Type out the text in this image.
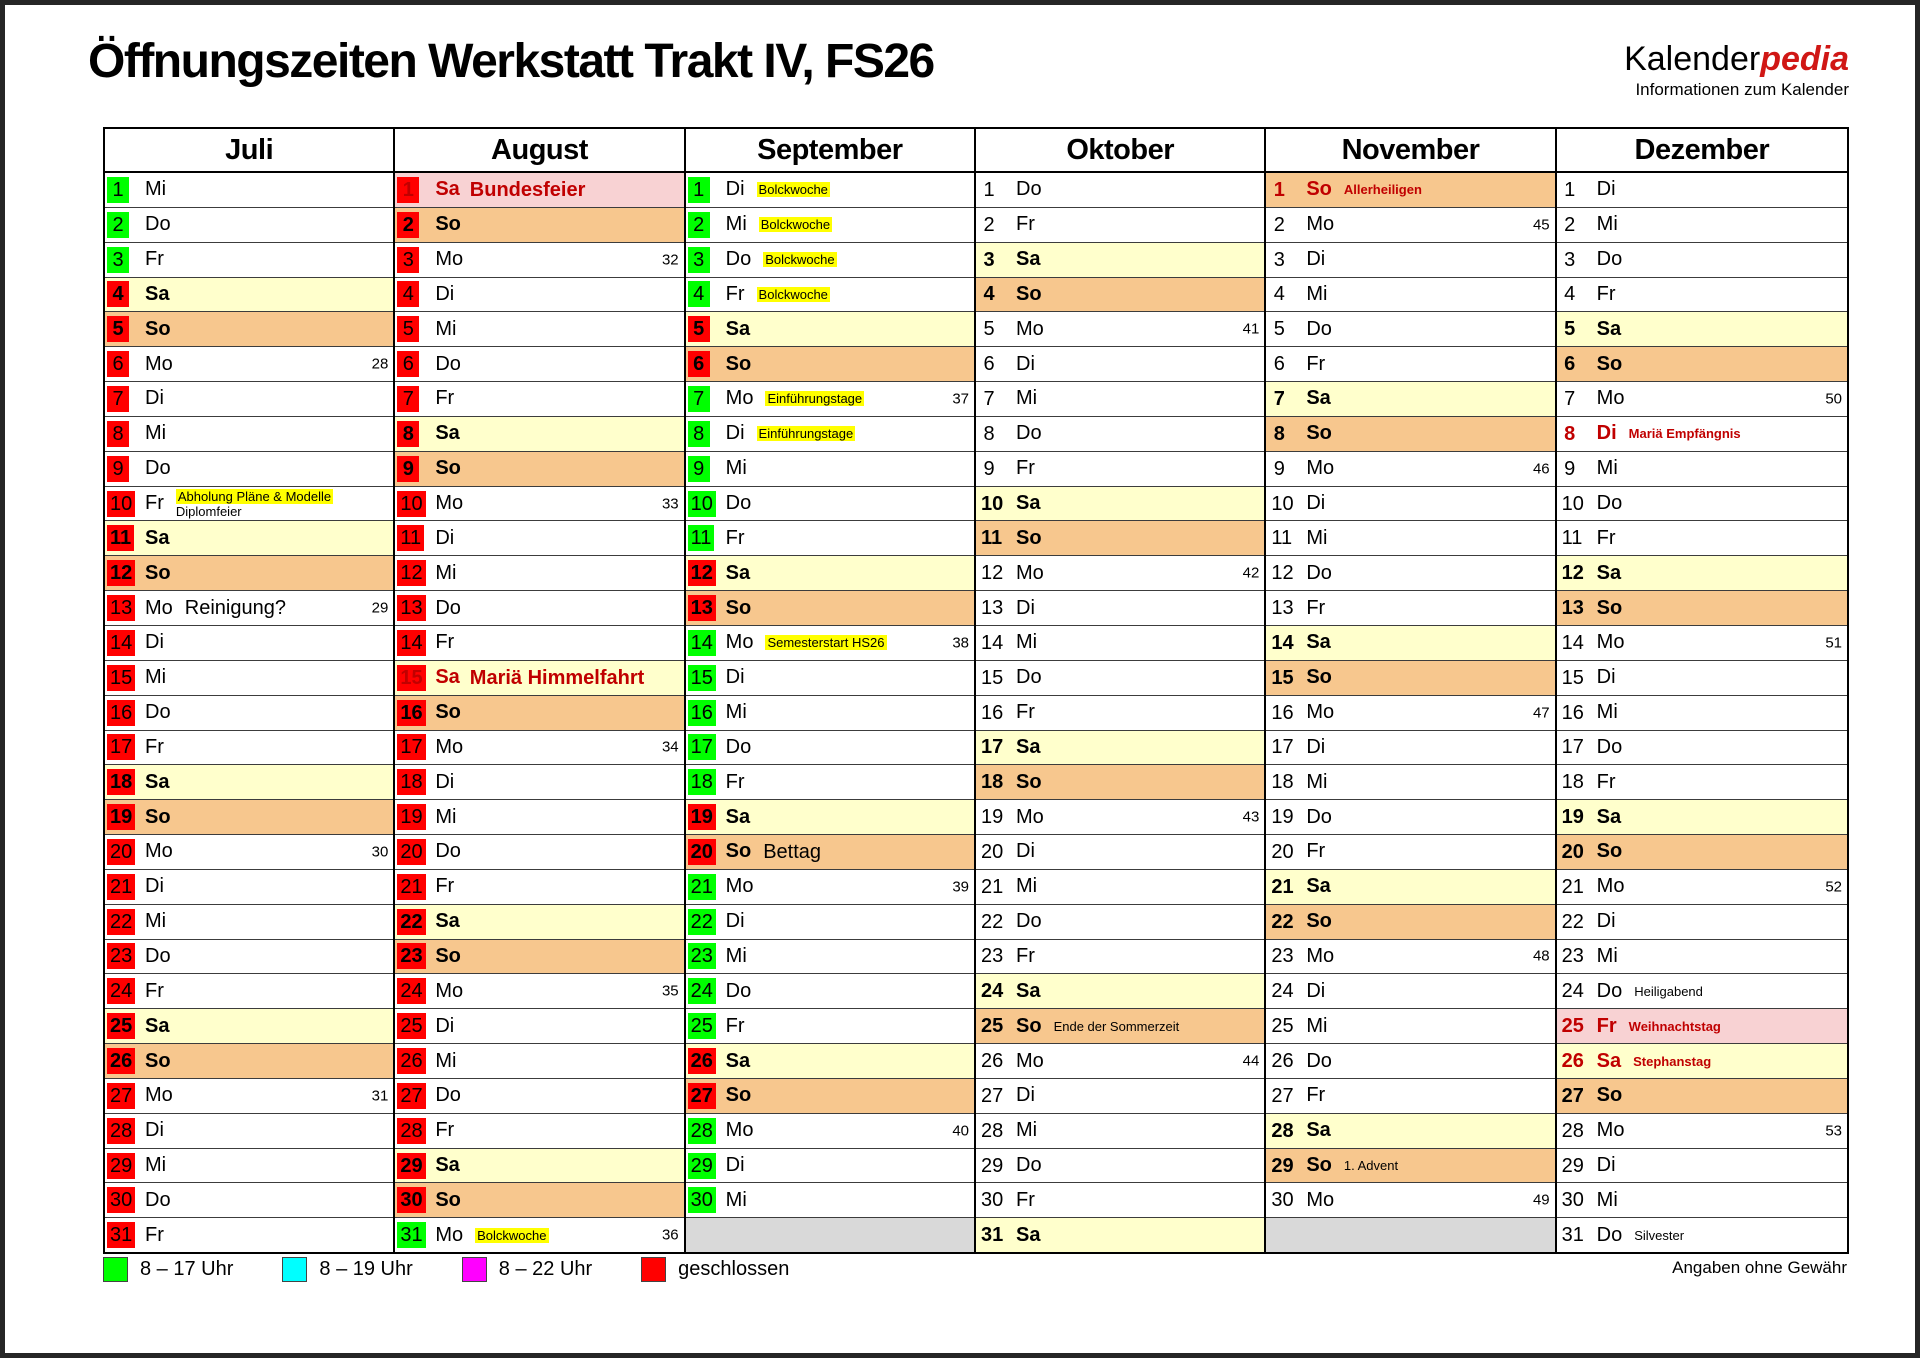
Öffnungszeiten Werkstatt Trakt IV, FS26	Kalenderpedia
Informationen zum Kalender
Juli
1 Mi
2 Do
3 Fr
4 Sa
5 So
6 Mo	28
7 Di
8 Mi
9 Do
10 Fr Abholung Pläne & Modelle
Diplomfeier
11 Sa
12 So
13 Mo Reinigung?	29
14 Di
15 Mi
16 Do
17 Fr
18 Sa
19 So
20 Mo	30
21 Di
22 Mi
23 Do
24 Fr
25 Sa
26 So
27 Mo	31
28 Di
29 Mi
30 Do
31 Fr
August
1 Sa Bundesfeier
2 So
3 Mo	32
4 Di
5 Mi
6 Do
7 Fr
8 Sa
9 So
10 Mo	33
11 Di
12 Mi
13 Do
14 Fr
15 Sa Mariä Himmelfahrt
16 So
17 Mo	34
18 Di
19 Mi
20 Do
21 Fr
22 Sa
23 So
24 Mo	35
25 Di
26 Mi
27 Do
28 Fr
29 Sa
30 So
31 Mo Bolckwoche	36
September
1 Di Bolckwoche
2 Mi Bolckwoche
3 Do Bolckwoche
4 Fr Bolckwoche
5 Sa
6 So
7 Mo Einführungstage	37
8 Di Einführungstage
9 Mi
10 Do
11 Fr
12 Sa
13 So
14 Mo Semesterstart HS26	38
15 Di
16 Mi
17 Do
18 Fr
19 Sa
20 So Bettag
21 Mo	39
22 Di
23 Mi
24 Do
25 Fr
26 Sa
27 So
28 Mo	40
29 Di
30 Mi
Oktober
1 Do
2 Fr
3 Sa
4 So
5 Mo	41
6 Di
7 Mi
8 Do
9 Fr
10 Sa
11 So
12 Mo	42
13 Di
14 Mi
15 Do
16 Fr
17 Sa
18 So
19 Mo	43
20 Di
21 Mi
22 Do
23 Fr
24 Sa
25 So Ende der Sommerzeit
26 Mo	44
27 Di
28 Mi
29 Do
30 Fr
31 Sa
November
1 So Allerheiligen
2 Mo	45
3 Di
4 Mi
5 Do
6 Fr
7 Sa
8 So
9 Mo	46
10 Di
11 Mi
12 Do
13 Fr
14 Sa
15 So
16 Mo	47
17 Di
18 Mi
19 Do
20 Fr
21 Sa
22 So
23 Mo	48
24 Di
25 Mi
26 Do
27 Fr
28 Sa
29 So 1. Advent
30 Mo	49
Dezember
1 Di
2 Mi
3 Do
4 Fr
5 Sa
6 So
7 Mo	50
8 Di Mariä Empfängnis
9 Mi
10 Do
11 Fr
12 Sa
13 So
14 Mo	51
15 Di
16 Mi
17 Do
18 Fr
19 Sa
20 So
21 Mo	52
22 Di
23 Mi
24 Do Heiligabend
25 Fr Weihnachtstag
26 Sa Stephanstag
27 So
28 Mo	53
29 Di
30 Mi
31 Do Silvester
8 – 17 Uhr	8 – 19 Uhr	8 – 22 Uhr	geschlossen	Angaben ohne Gewähr
